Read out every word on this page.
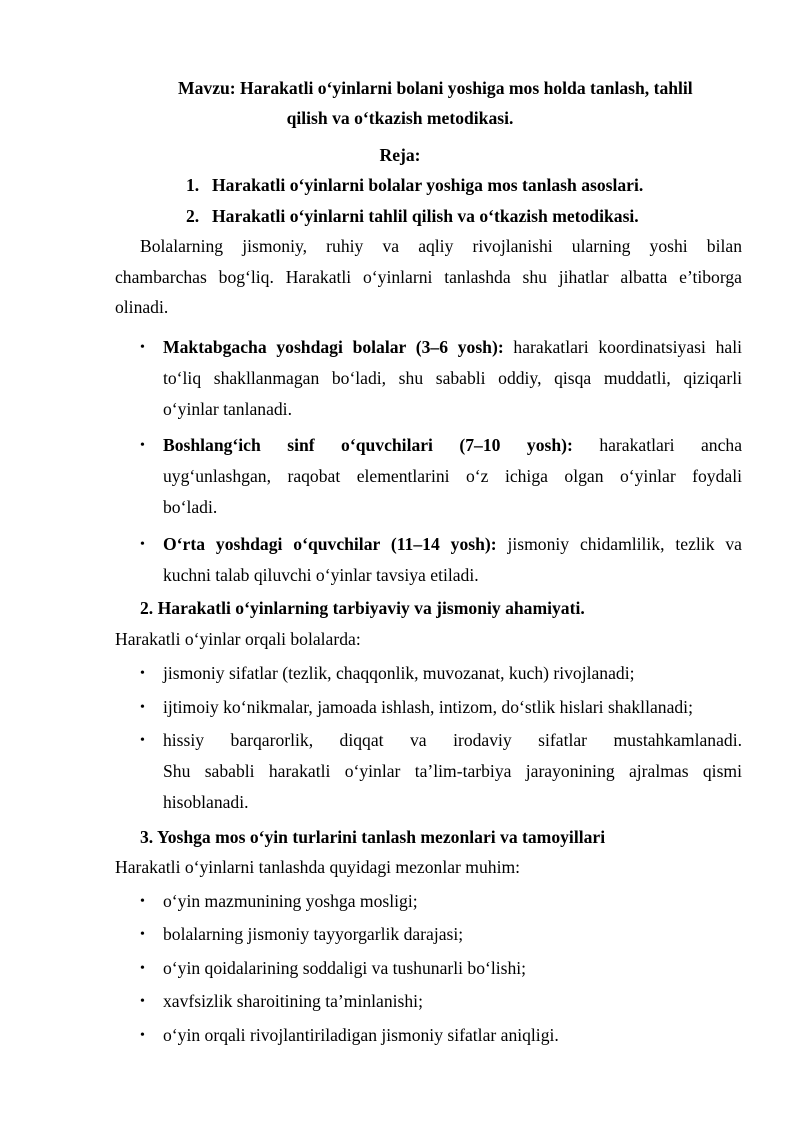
Mavzu: Harakatli o‘yinlarni bolani yoshiga mos holda tanlash, tahlil
qilish va o‘tkazish metodikasi.
Reja:
1. Harakatli o‘yinlarni bolalar yoshiga mos tanlash asoslari.
2. Harakatli o‘yinlarni tahlil qilish va o‘tkazish metodikasi.
Bolalarning jismoniy, ruhiy va aqliy rivojlanishi ularning yoshi bilan
chambarchas bog‘liq. Harakatli o‘yinlarni tanlashda shu jihatlar albatta e’tiborga
olinadi.
•	Maktabgacha yoshdagi bolalar (3–6 yosh): harakatlari koordinatsiyasi hali
to‘liq shakllanmagan bo‘ladi, shu sababli oddiy, qisqa muddatli, qiziqarli
o‘yinlar tanlanadi.
•	Boshlang‘ich sinf o‘quvchilari (7–10 yosh): harakatlari ancha
uyg‘unlashgan, raqobat elementlarini o‘z ichiga olgan o‘yinlar foydali
bo‘ladi.
•	O‘rta yoshdagi o‘quvchilar (11–14 yosh): jismoniy chidamlilik, tezlik va
kuchni talab qiluvchi o‘yinlar tavsiya etiladi.
2. Harakatli o‘yinlarning tarbiyaviy va jismoniy ahamiyati.
Harakatli o‘yinlar orqali bolalarda:
•	jismoniy sifatlar (tezlik, chaqqonlik, muvozanat, kuch) rivojlanadi;
•	ijtimoiy ko‘nikmalar, jamoada ishlash, intizom, do‘stlik hislari shakllanadi;
•	hissiy barqarorlik, diqqat va irodaviy sifatlar mustahkamlanadi.
Shu sababli harakatli o‘yinlar ta’lim-tarbiya jarayonining ajralmas qismi
hisoblanadi.
3. Yoshga mos o‘yin turlarini tanlash mezonlari va tamoyillari
Harakatli o‘yinlarni tanlashda quyidagi mezonlar muhim:
•	o‘yin mazmunining yoshga mosligi;
•	bolalarning jismoniy tayyorgarlik darajasi;
•	o‘yin qoidalarining soddaligi va tushunarli bo‘lishi;
•	xavfsizlik sharoitining ta’minlanishi;
•	o‘yin orqali rivojlantiriladigan jismoniy sifatlar aniqligi.
